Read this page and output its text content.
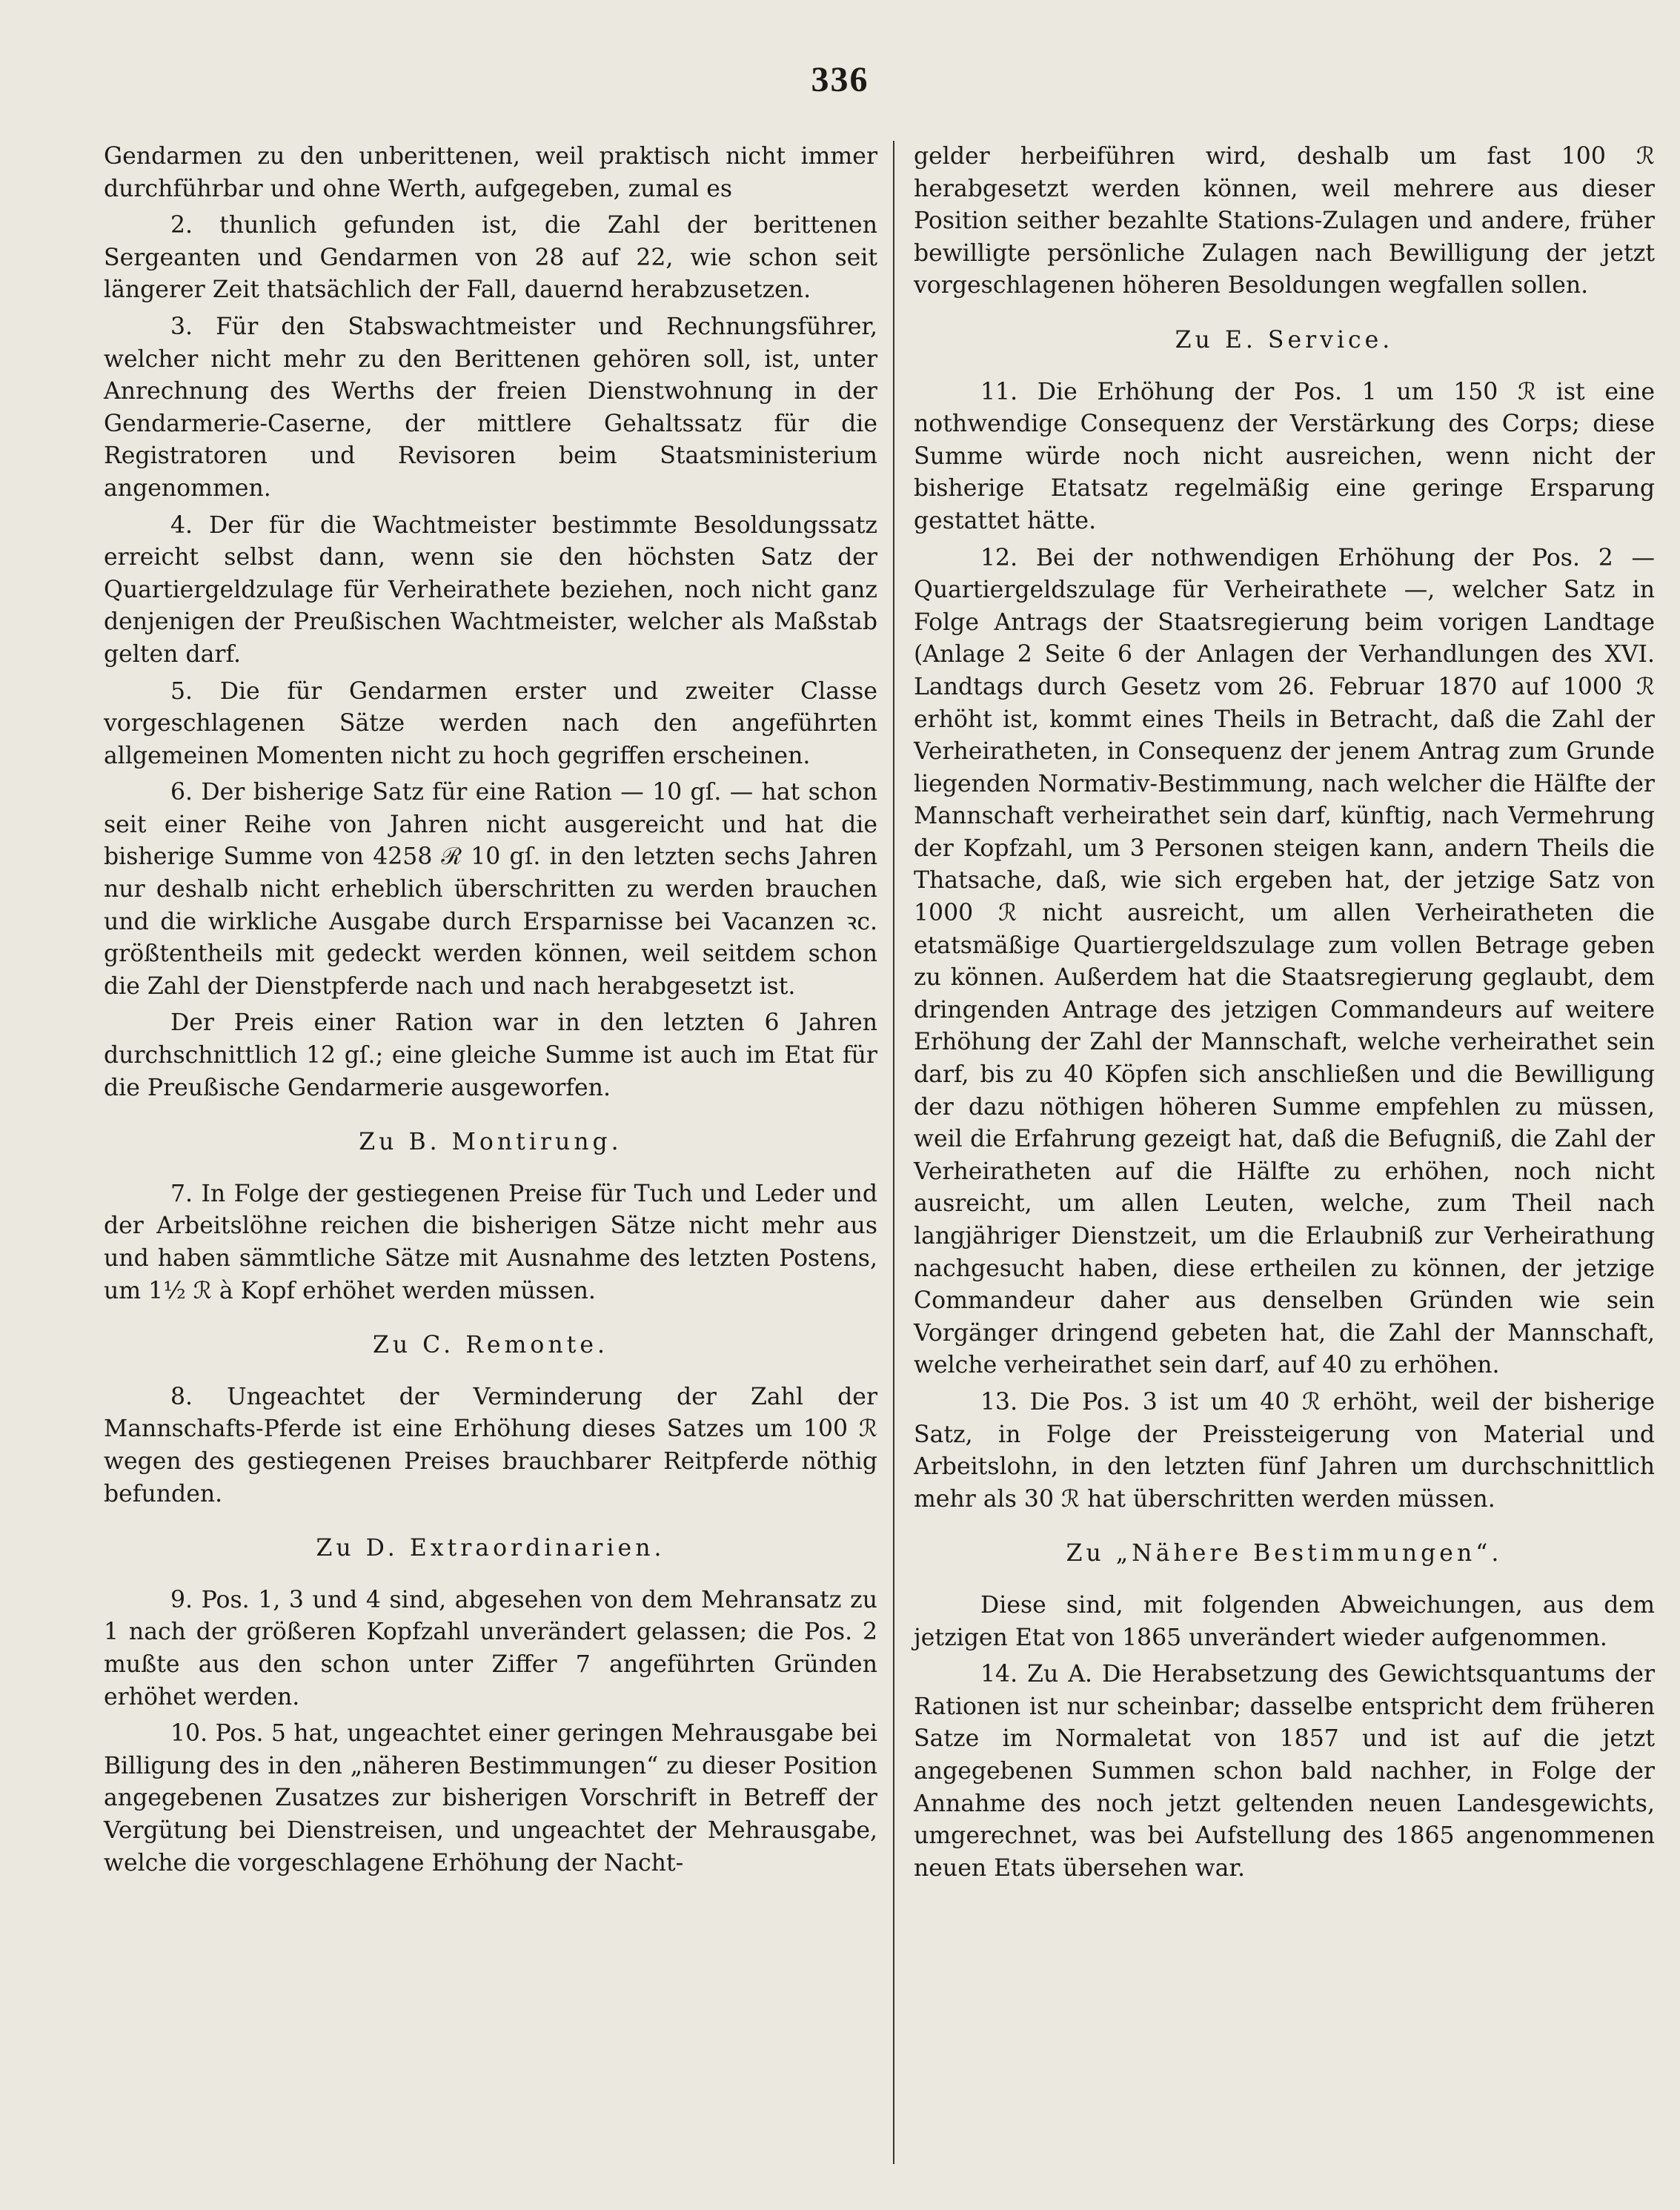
336

Gendarmen zu den unberittenen, weil praktisch nicht immer durchführbar und ohne Werth, aufgegeben, zumal es

2. thunlich gefunden ist, die Zahl der berittenen Sergeanten und Gendarmen von 28 auf 22, wie schon seit längerer Zeit thatsächlich der Fall, dauernd herabzusetzen.

3. Für den Stabswachtmeister und Rechnungsführer, welcher nicht mehr zu den Berittenen gehören soll, ist, unter Anrechnung des Werths der freien Dienstwohnung in der Gendarmerie-Caserne, der mittlere Gehaltssatz für die Registratoren und Revisoren beim Staatsministerium angenommen.

4. Der für die Wachtmeister bestimmte Besoldungssatz erreicht selbst dann, wenn sie den höchsten Satz der Quartiergeldzulage für Verheirathete beziehen, noch nicht ganz denjenigen der Preußischen Wachtmeister, welcher als Maßstab gelten darf.

5. Die für Gendarmen erster und zweiter Classe vorgeschlagenen Sätze werden nach den angeführten allgemeinen Momenten nicht zu hoch gegriffen erscheinen.

6. Der bisherige Satz für eine Ration — 10 gſ. — hat schon seit einer Reihe von Jahren nicht ausgereicht und hat die bisherige Summe von 4258 ℛ 10 gſ. in den letzten sechs Jahren nur deshalb nicht erheblich überschritten zu werden brauchen und die wirkliche Ausgabe durch Ersparnisse bei Vacanzen ꝛc. größtentheils mit gedeckt werden können, weil seitdem schon die Zahl der Dienstpferde nach und nach herabgesetzt ist.

Der Preis einer Ration war in den letzten 6 Jahren durchschnittlich 12 gſ.; eine gleiche Summe ist auch im Etat für die Preußische Gendarmerie ausgeworfen.

Zu B. Montirung.

7. In Folge der gestiegenen Preise für Tuch und Leder und der Arbeitslöhne reichen die bisherigen Sätze nicht mehr aus und haben sämmtliche Sätze mit Ausnahme des letzten Postens, um 1½ ℛ à Kopf erhöhet werden müssen.

Zu C. Remonte.

8. Ungeachtet der Verminderung der Zahl der Mannschafts-Pferde ist eine Erhöhung dieses Satzes um 100 ℛ wegen des gestiegenen Preises brauchbarer Reitpferde nöthig befunden.

Zu D. Extraordinarien.

9. Pos. 1, 3 und 4 sind, abgesehen von dem Mehransatz zu 1 nach der größeren Kopfzahl unverändert gelassen; die Pos. 2 mußte aus den schon unter Ziffer 7 angeführten Gründen erhöhet werden.

10. Pos. 5 hat, ungeachtet einer geringen Mehrausgabe bei Billigung des in den „näheren Bestimmungen“ zu dieser Position angegebenen Zusatzes zur bisherigen Vorschrift in Betreff der Vergütung bei Dienstreisen, und ungeachtet der Mehrausgabe, welche die vorgeschlagene Erhöhung der Nacht-

gelder herbeiführen wird, deshalb um fast 100 ℛ herabgesetzt werden können, weil mehrere aus dieser Position seither bezahlte Stations-Zulagen und andere, früher bewilligte persönliche Zulagen nach Bewilligung der jetzt vorgeschlagenen höheren Besoldungen wegfallen sollen.

Zu E. Service.

11. Die Erhöhung der Pos. 1 um 150 ℛ ist eine nothwendige Consequenz der Verstärkung des Corps; diese Summe würde noch nicht ausreichen, wenn nicht der bisherige Etatsatz regelmäßig eine geringe Ersparung gestattet hätte.

12. Bei der nothwendigen Erhöhung der Pos. 2 — Quartiergeldszulage für Verheirathete —, welcher Satz in Folge Antrags der Staatsregierung beim vorigen Landtage (Anlage 2 Seite 6 der Anlagen der Verhandlungen des XVI. Landtags durch Gesetz vom 26. Februar 1870 auf 1000 ℛ erhöht ist, kommt eines Theils in Betracht, daß die Zahl der Verheiratheten, in Consequenz der jenem Antrag zum Grunde liegenden Normativ-Bestimmung, nach welcher die Hälfte der Mannschaft verheirathet sein darf, künftig, nach Vermehrung der Kopfzahl, um 3 Personen steigen kann, andern Theils die Thatsache, daß, wie sich ergeben hat, der jetzige Satz von 1000 ℛ nicht ausreicht, um allen Verheiratheten die etatsmäßige Quartiergeldszulage zum vollen Betrage geben zu können. Außerdem hat die Staatsregierung geglaubt, dem dringenden Antrage des jetzigen Commandeurs auf weitere Erhöhung der Zahl der Mannschaft, welche verheirathet sein darf, bis zu 40 Köpfen sich anschließen und die Bewilligung der dazu nöthigen höheren Summe empfehlen zu müssen, weil die Erfahrung gezeigt hat, daß die Befugniß, die Zahl der Verheiratheten auf die Hälfte zu erhöhen, noch nicht ausreicht, um allen Leuten, welche, zum Theil nach langjähriger Dienstzeit, um die Erlaubniß zur Verheirathung nachgesucht haben, diese ertheilen zu können, der jetzige Commandeur daher aus denselben Gründen wie sein Vorgänger dringend gebeten hat, die Zahl der Mannschaft, welche verheirathet sein darf, auf 40 zu erhöhen.

13. Die Pos. 3 ist um 40 ℛ erhöht, weil der bisherige Satz, in Folge der Preissteigerung von Material und Arbeitslohn, in den letzten fünf Jahren um durchschnittlich mehr als 30 ℛ hat überschritten werden müssen.

Zu „Nähere Bestimmungen“.

Diese sind, mit folgenden Abweichungen, aus dem jetzigen Etat von 1865 unverändert wieder aufgenommen.

14. Zu A. Die Herabsetzung des Gewichtsquantums der Rationen ist nur scheinbar; dasselbe entspricht dem früheren Satze im Normaletat von 1857 und ist auf die jetzt angegebenen Summen schon bald nachher, in Folge der Annahme des noch jetzt geltenden neuen Landesgewichts, umgerechnet, was bei Aufstellung des 1865 angenommenen neuen Etats übersehen war.
